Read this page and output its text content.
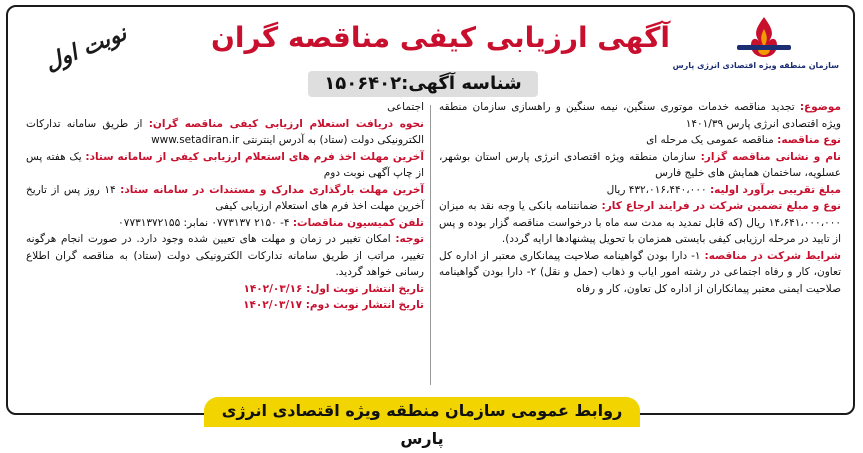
سازمان منطقه ویژه اقتصادی انرژی پارس
آگهی ارزیابی کیفی مناقصه گران
شناسه آگهی:۱۵۰۶۴۰۲
نوبت اول

موضوع: تجدید مناقصه خدمات موتوری سنگین، نیمه سنگین و راهسازی سازمان منطقه ویژه اقتصادی انرژی پارس ۱۴۰۱/۳۹

نوع مناقصه: مناقصه عمومی یک مرحله ای

نام و نشانی مناقصه گزار: سازمان منطقه ویژه اقتصادی انرژی پارس استان بوشهر، عسلویه، ساختمان همایش های خلیج فارس

مبلغ تقریبی برآورد اولیه: ۴۳۲،۰۱۶،۴۴۰،۰۰۰ ریال

نوع و مبلغ تضمین شرکت در فرایند ارجاع کار: ضمانتنامه بانکی یا وجه نقد به میزان ۱۴،۶۴۱،۰۰۰،۰۰۰ ریال (که قابل تمدید به مدت سه ماه با درخواست مناقصه گزار بوده و پس از تایید در مرحله ارزیابی کیفی بایستی همزمان با تحویل پیشنهادها ارایه گردد).

شرایط شرکت در مناقصه: ۱- دارا بودن گواهینامه صلاحیت پیمانکاری معتبر از اداره کل تعاون، کار و رفاه اجتماعی در رشته امور ایاب و ذهاب (حمل و نقل) ۲- دارا بودن گواهینامه صلاحیت ایمنی معتبر پیمانکاران از اداره کل تعاون، کار و رفاه

اجتماعی

نحوه دریافت استعلام ارزیابی کیفی مناقصه گران: از طریق سامانه تدارکات الکترونیکی دولت (ستاد) به آدرس اینترنتی www.setadiran.ir

آخرین مهلت اخذ فرم های استعلام ارزیابی کیفی از سامانه ستاد: یک هفته پس از چاپ آگهی نوبت دوم

آخرین مهلت بارگذاری مدارک و مستندات در سامانه ستاد: ۱۴ روز پس از تاریخ آخرین مهلت اخذ فرم های استعلام ارزیابی کیفی

تلفن کمیسیون مناقصات: ۴- ۲۱۵۰ ۰۷۷۳۱۳۷ نمابر: ۰۷۷۳۱۳۷۲۱۵۵

توجه: امکان تغییر در زمان و مهلت های تعیین شده وجود دارد. در صورت انجام هرگونه تغییر، مراتب از طریق سامانه تدارکات الکترونیکی دولت (ستاد) به مناقصه گران اطلاع رسانی خواهد گردید.

تاریخ انتشار نوبت اول: ۱۴۰۲/۰۳/۱۶

تاریخ انتشار نوبت دوم: ۱۴۰۲/۰۳/۱۷

روابط عمومی سازمان منطقه ویژه اقتصادی انرژی پارس
